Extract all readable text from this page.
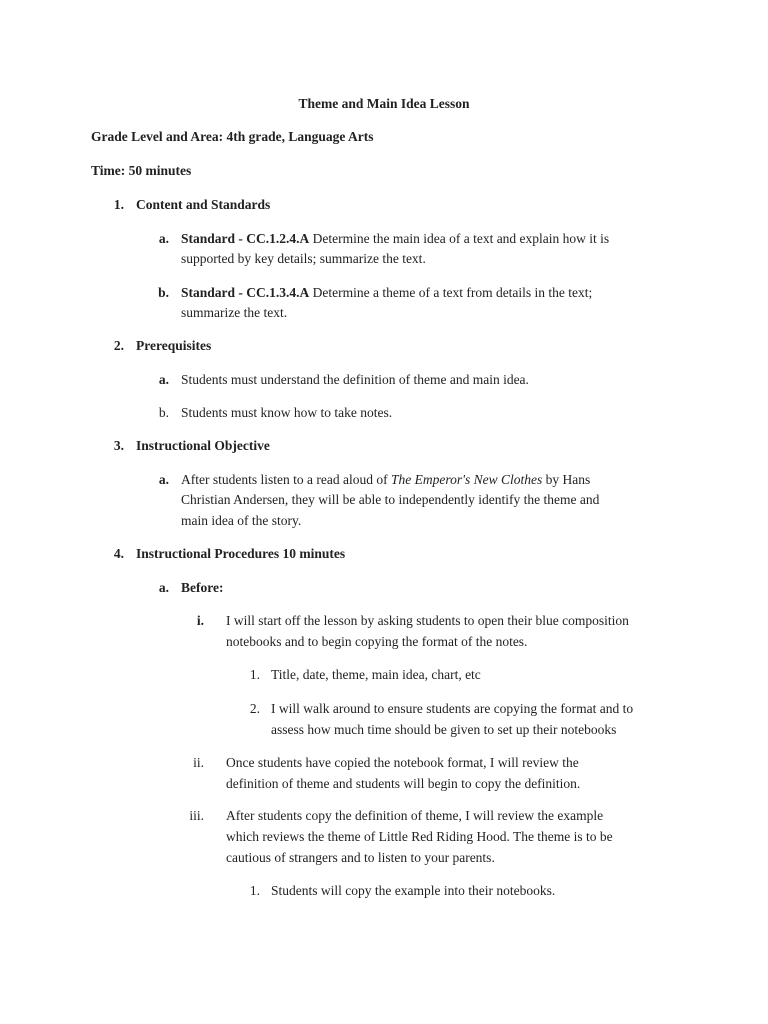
Theme and Main Idea Lesson
Grade Level and Area: 4th grade, Language Arts
Time: 50 minutes
1. Content and Standards
a. Standard - CC.1.2.4.A Determine the main idea of a text and explain how it is
supported by key details; summarize the text.
b. Standard - CC.1.3.4.A Determine a theme of a text from details in the text;
summarize the text.
2. Prerequisites
a. Students must understand the definition of theme and main idea.
b. Students must know how to take notes.
3. Instructional Objective
a. After students listen to a read aloud of The Emperor's New Clothes by Hans
Christian Andersen, they will be able to independently identify the theme and
main idea of the story.
4. Instructional Procedures 10 minutes
a. Before:
i. I will start off the lesson by asking students to open their blue composition
notebooks and to begin copying the format of the notes.
1. Title, date, theme, main idea, chart, etc
2. I will walk around to ensure students are copying the format and to
assess how much time should be given to set up their notebooks
ii. Once students have copied the notebook format, I will review the
definition of theme and students will begin to copy the definition.
iii. After students copy the definition of theme, I will review the example
which reviews the theme of Little Red Riding Hood. The theme is to be
cautious of strangers and to listen to your parents.
1. Students will copy the example into their notebooks.
